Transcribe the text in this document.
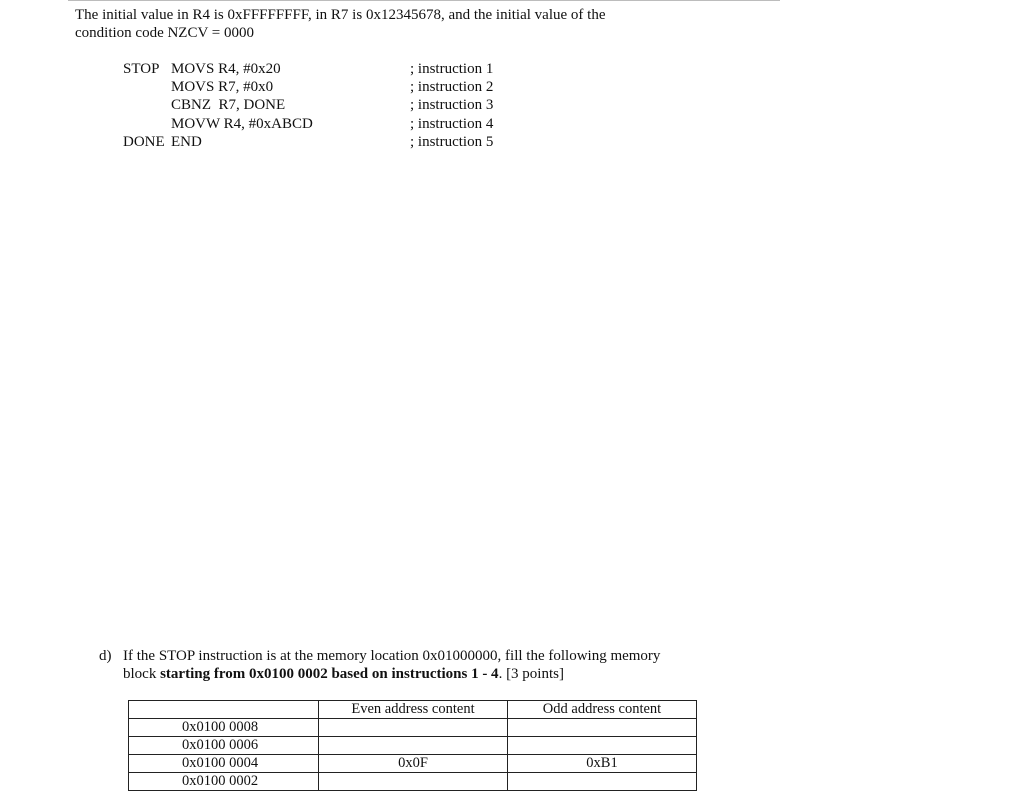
The initial value in R4 is 0xFFFFFFFF, in R7 is 0x12345678, and the initial value of the
condition code NZCV = 0000
STOP MOVS R4, #0x20	; instruction 1
MOVS R7, #0x0	; instruction 2
CBNZ  R7, DONE	; instruction 3
MOVW R4, #0xABCD	; instruction 4
DONE END	; instruction 5
d) If the STOP instruction is at the memory location 0x01000000, fill the following memory
block starting from 0x0100 0002 based on instructions 1 - 4. [3 points]
	Even address content	Odd address content
0x0100 0008		
0x0100 0006		
0x0100 0004	0x0F	0xB1
0x0100 0002		
